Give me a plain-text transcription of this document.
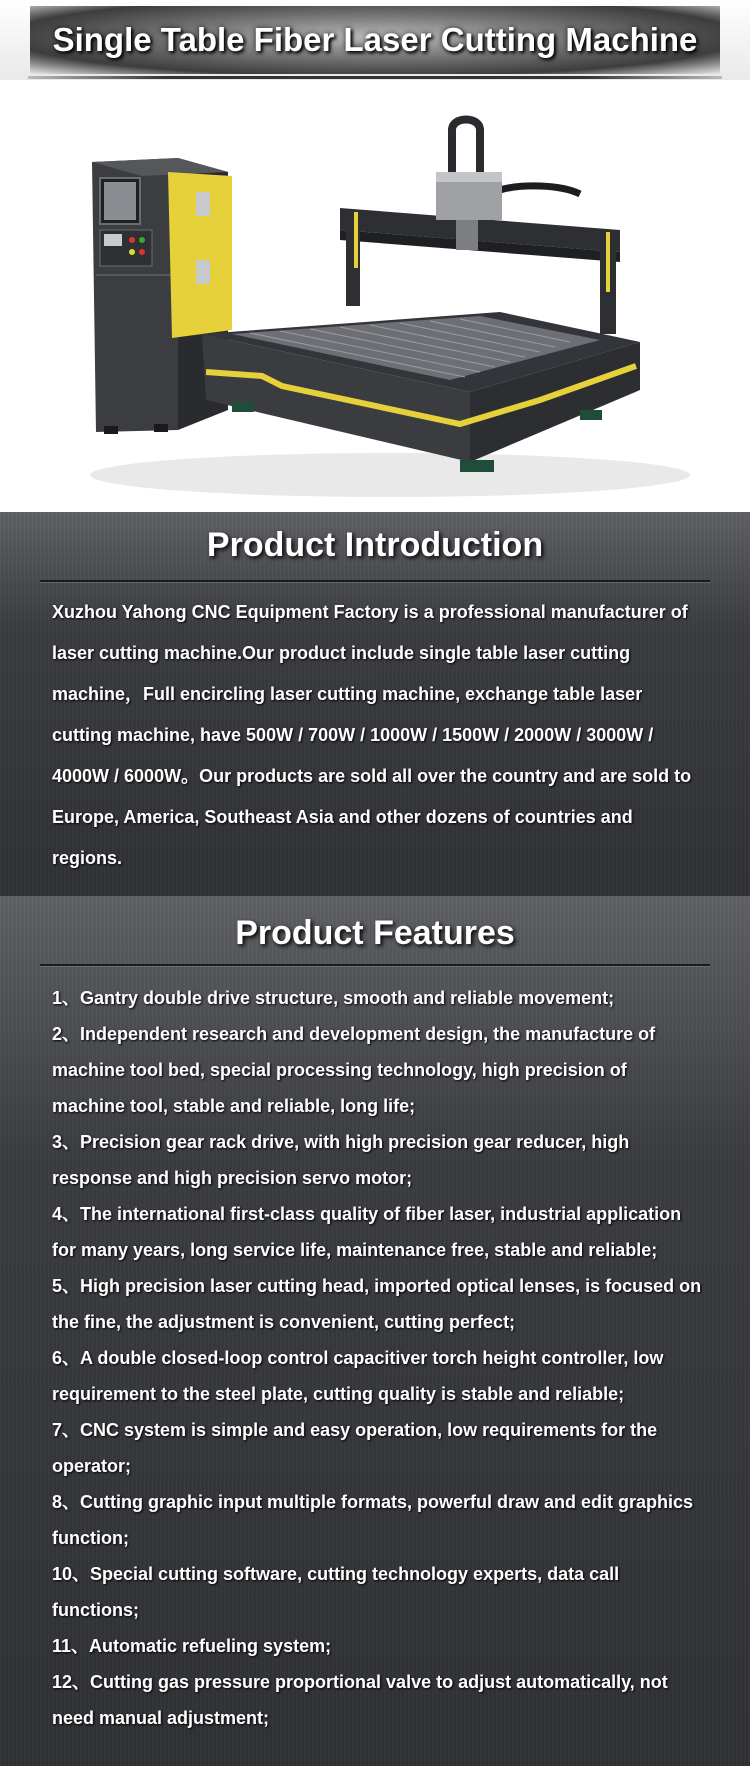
Single Table Fiber Laser Cutting Machine
Product Introduction
Xuzhou Yahong CNC Equipment Factory is a professional manufacturer of laser cutting machine.Our product include single table laser cutting machine，Full encircling laser cutting machine, exchange table laser cutting machine, have 500W / 700W / 1000W / 1500W / 2000W / 3000W / 4000W / 6000W。Our products are sold all over the country and are sold to Europe, America, Southeast Asia and other dozens of countries and regions.
Product Features
1、Gantry double drive structure, smooth and reliable movement;
2、Independent research and development design, the manufacture of machine tool bed, special processing technology, high precision of machine tool, stable and reliable, long life;
3、Precision gear rack drive, with high precision gear reducer, high response and high precision servo motor;
4、The international first-class quality of fiber laser, industrial application for many years, long service life, maintenance free, stable and reliable;
5、High precision laser cutting head, imported optical lenses, is focused on the fine, the adjustment is convenient, cutting perfect;
6、A double closed-loop control capacitiver torch height controller, low requirement to the steel plate, cutting quality is stable and reliable;
7、CNC system is simple and easy operation, low requirements for the operator;
8、Cutting graphic input multiple formats, powerful draw and edit graphics function;
10、Special cutting software, cutting technology experts, data call functions;
11、Automatic refueling system;
12、Cutting gas pressure proportional valve to adjust automatically, not need manual adjustment;
